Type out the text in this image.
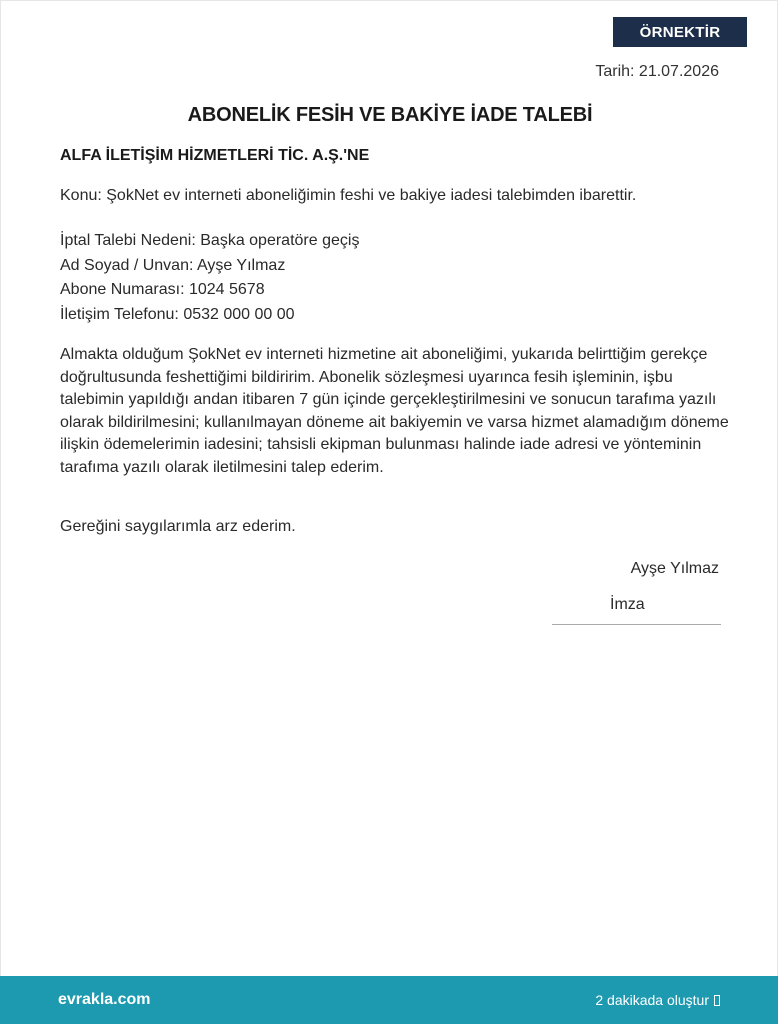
ÖRNEKTİR
Tarih: 21.07.2026
ABONELİK FESİH VE BAKİYE İADE TALEBİ
ALFA İLETİŞİM HİZMETLERİ TİC. A.Ş.'NE
Konu: ŞokNet ev interneti aboneliğimin feshi ve bakiye iadesi talebimden ibarettir.
İptal Talebi Nedeni: Başka operatöre geçiş
Ad Soyad / Unvan: Ayşe Yılmaz
Abone Numarası: 1024 5678
İletişim Telefonu: 0532 000 00 00

Almakta olduğum ŞokNet ev interneti hizmetine ait aboneliğimi, yukarıda belirttiğim gerekçe doğrultusunda feshettiğimi bildiririm. Abonelik sözleşmesi uyarınca fesih işleminin, işbu talebimin yapıldığı andan itibaren 7 gün içinde gerçekleştirilmesini ve sonucun tarafıma yazılı olarak bildirilmesini; kullanılmayan döneme ait bakiyemin ve varsa hizmet alamadığım döneme ilişkin ödemelerimin iadesini; tahsisli ekipman bulunması halinde iade adresi ve yönteminin tarafıma yazılı olarak iletilmesini talep ederim.

Gereğini saygılarımla arz ederim.
Ayşe Yılmaz
İmza
evrakla.com	2 dakikada oluştur
